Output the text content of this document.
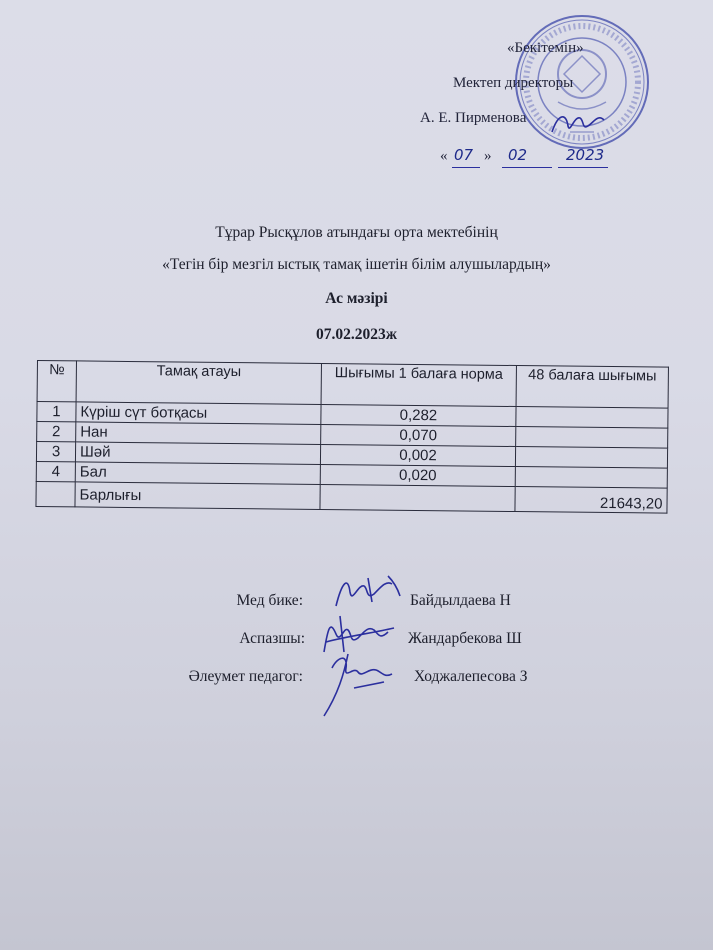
«Бекітемін»
Мектеп директоры
А. Е. Пирменова
« 07 » 02	2023
Тұрар Рысқұлов атындағы орта мектебінің
«Тегін бір мезгіл ыстық тамақ ішетін білім алушылардың»
Ас мәзірі
07.02.2023ж
№	Тамақ атауы	Шығымы 1 балаға норма	48 балаға шығымы
1	Күріш сүт ботқасы	0,282	
2	Нан	0,070	
3	Шәй	0,002	
4	Бал	0,020	
	Барлығы		21643,20
Мед бике:	Байдылдаева Н
Аспазшы:	Жандарбекова Ш
Әлеумет педагог:	Ходжалепесова З
